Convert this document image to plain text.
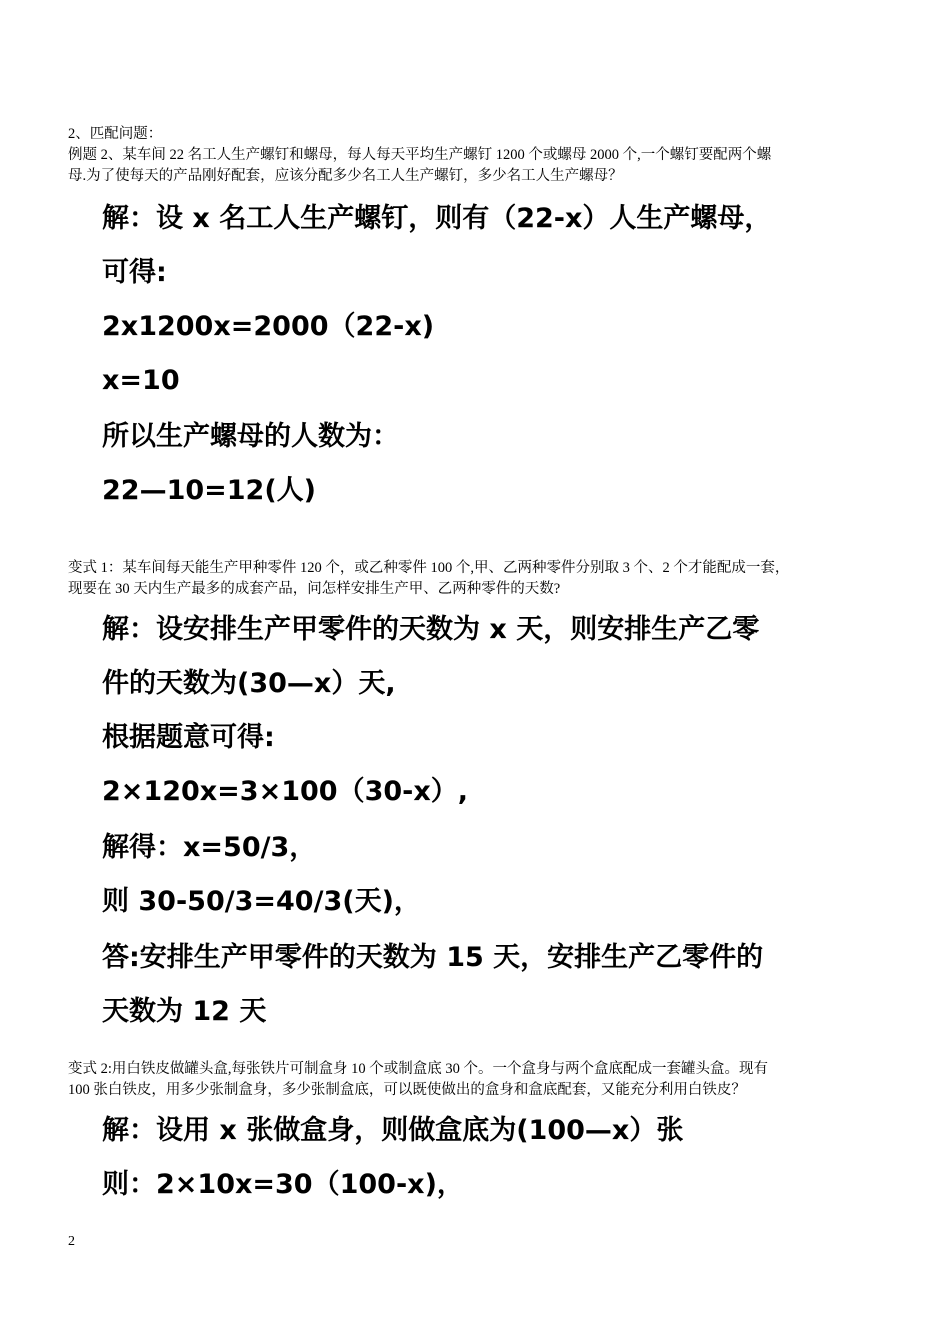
2、匹配问题：

例题 2、某车间 22 名工人生产螺钉和螺母，每人每天平均生产螺钉 1200 个或螺母 2000 个,一个螺钉要配两个螺

母.为了使每天的产品刚好配套，应该分配多少名工人生产螺钉，多少名工人生产螺母？

解：设 x 名工人生产螺钉，则有（22-x）人生产螺母，

可得:

2x1200x=2000（22-x)

x=10

所以生产螺母的人数为：

22—10=12(人)

变式 1：某车间每天能生产甲种零件 120 个，或乙种零件 100 个,甲、乙两种零件分别取 3 个、2 个才能配成一套，

现要在 30 天内生产最多的成套产品，问怎样安排生产甲、乙两种零件的天数?

解：设安排生产甲零件的天数为 x 天，则安排生产乙零

件的天数为(30—x）天,

根据题意可得:

2×120x=3×100（30-x）,

解得：x=50/3，

则 30-50/3=40/3(天)，

答:安排生产甲零件的天数为 15 天，安排生产乙零件的

天数为 12 天

变式 2:用白铁皮做罐头盒,每张铁片可制盒身 10 个或制盒底 30 个。一个盒身与两个盒底配成一套罐头盒。现有

100 张白铁皮，用多少张制盒身，多少张制盒底，可以既使做出的盒身和盒底配套，又能充分利用白铁皮？

解：设用 x 张做盒身，则做盒底为(100—x）张

则：2×10x=30（100-x)，

2
